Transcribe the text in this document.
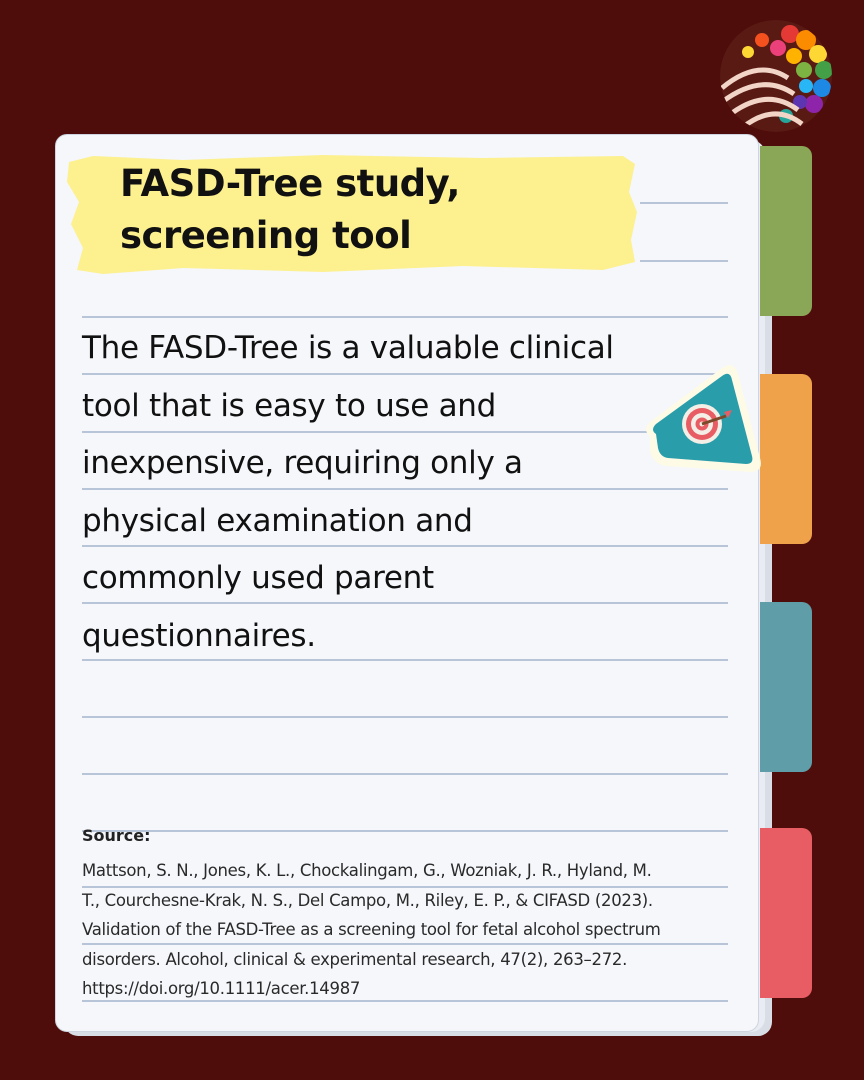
FASD-Tree study,
screening tool

The FASD-Tree is a valuable clinical
tool that is easy to use and
inexpensive, requiring only a
physical examination and
commonly used parent
questionnaires.

Source:

Mattson, S. N., Jones, K. L., Chockalingam, G., Wozniak, J. R., Hyland, M.
T., Courchesne-Krak, N. S., Del Campo, M., Riley, E. P., & CIFASD (2023).
Validation of the FASD-Tree as a screening tool for fetal alcohol spectrum
disorders. Alcohol, clinical & experimental research, 47(2), 263–272.
https://doi.org/10.1111/acer.14987
